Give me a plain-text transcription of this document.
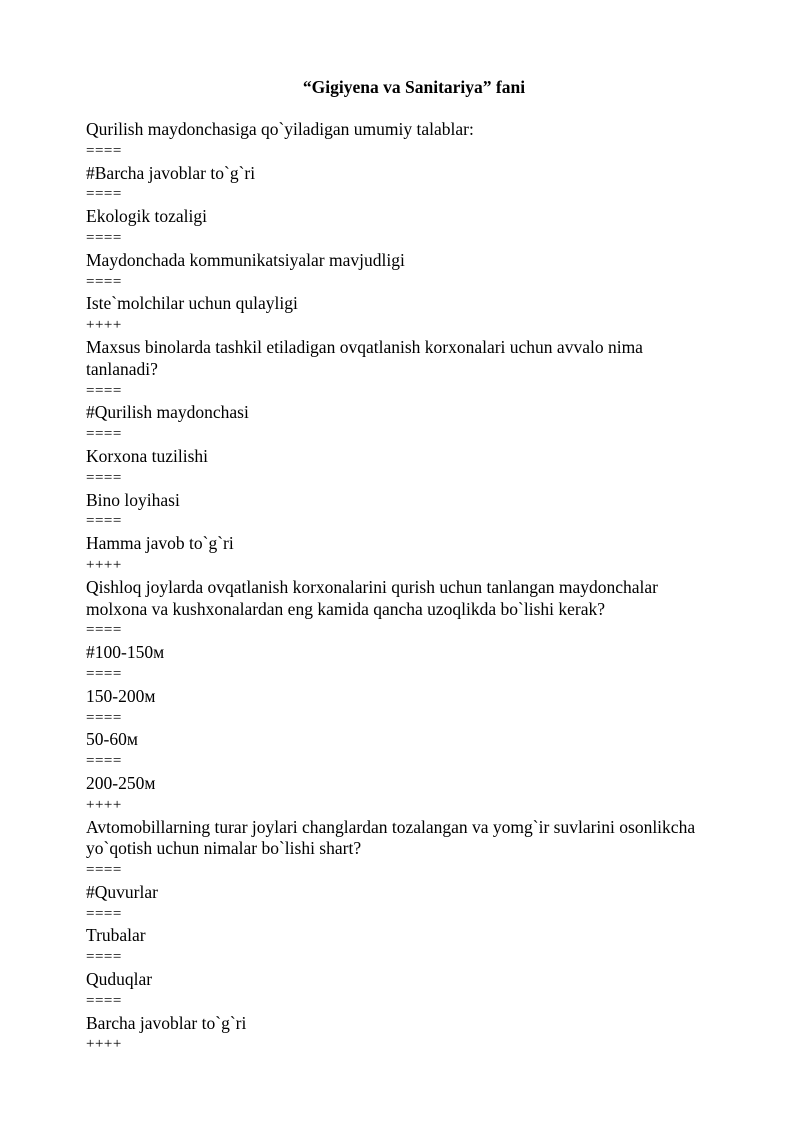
“Gigiyena va Sanitariya” fani
Qurilish maydonchasiga qo`yiladigan umumiy talablar:
====
#Barcha javoblar to`g`ri
====
Ekologik tozaligi
====
Maydonchada kommunikatsiyalar mavjudligi
====
Iste`molchilar uchun qulayligi
++++
Maxsus binolarda tashkil etiladigan ovqatlanish korxonalari uchun avvalo nima
tanlanadi?
====
#Qurilish maydonchasi
====
Korxona tuzilishi
====
Bino loyihasi
====
Hamma javob to`g`ri
++++
Qishloq joylarda ovqatlanish korxonalarini qurish uchun tanlangan maydonchalar
molxona va kushxonalardan eng kamida qancha uzoqlikda bo`lishi kerak?
====
#100-150м
====
150-200м
====
50-60м
====
200-250м
++++
Avtomobillarning turar joylari changlardan tozalangan va yomg`ir suvlarini osonlikcha
yo`qotish uchun nimalar bo`lishi shart?
====
#Quvurlar
====
Trubalar
====
Quduqlar
====
Barcha javoblar to`g`ri
++++
